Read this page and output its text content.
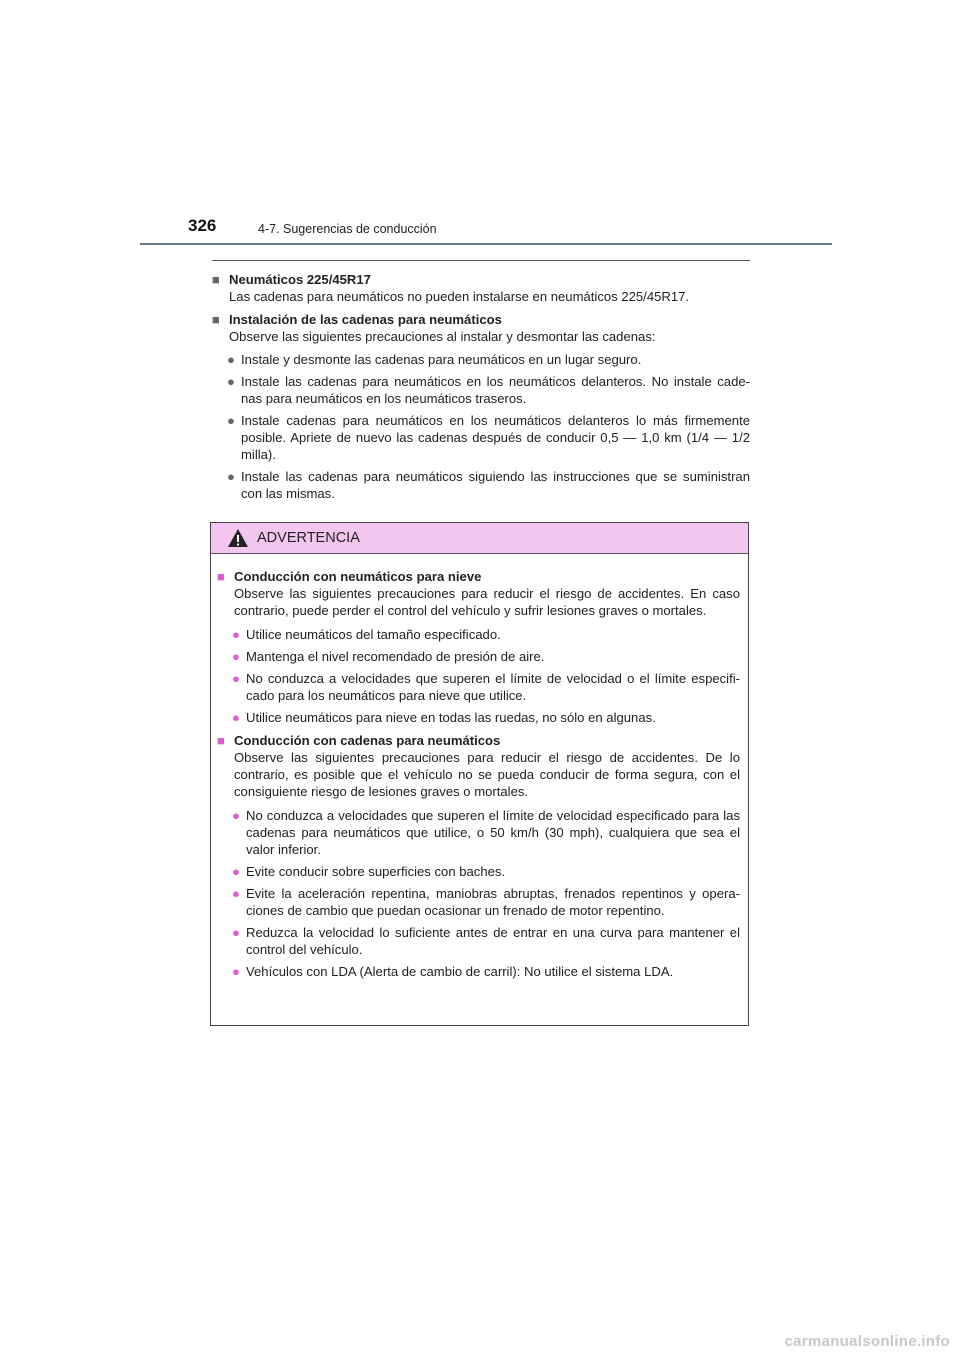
326	4-7. Sugerencias de conducción
■ Neumáticos 225/45R17
Las cadenas para neumáticos no pueden instalarse en neumáticos 225/45R17.
■ Instalación de las cadenas para neumáticos
Observe las siguientes precauciones al instalar y desmontar las cadenas:
● Instale y desmonte las cadenas para neumáticos en un lugar seguro.
● Instale las cadenas para neumáticos en los neumáticos delanteros. No instale cade-nas para neumáticos en los neumáticos traseros.
● Instale cadenas para neumáticos en los neumáticos delanteros lo más firmemente posible. Apriete de nuevo las cadenas después de conducir 0,5 — 1,0 km (1/4 — 1/2 milla).
● Instale las cadenas para neumáticos siguiendo las instrucciones que se suministran con las mismas.
ADVERTENCIA
■ Conducción con neumáticos para nieve
Observe las siguientes precauciones para reducir el riesgo de accidentes. En caso contrario, puede perder el control del vehículo y sufrir lesiones graves o mortales.
● Utilice neumáticos del tamaño especificado.
● Mantenga el nivel recomendado de presión de aire.
● No conduzca a velocidades que superen el límite de velocidad o el límite especifi-cado para los neumáticos para nieve que utilice.
● Utilice neumáticos para nieve en todas las ruedas, no sólo en algunas.
■ Conducción con cadenas para neumáticos
Observe las siguientes precauciones para reducir el riesgo de accidentes. De lo contrario, es posible que el vehículo no se pueda conducir de forma segura, con el consiguiente riesgo de lesiones graves o mortales.
● No conduzca a velocidades que superen el límite de velocidad especificado para las cadenas para neumáticos que utilice, o 50 km/h (30 mph), cualquiera que sea el valor inferior.
● Evite conducir sobre superficies con baches.
● Evite la aceleración repentina, maniobras abruptas, frenados repentinos y opera-ciones de cambio que puedan ocasionar un frenado de motor repentino.
● Reduzca la velocidad lo suficiente antes de entrar en una curva para mantener el control del vehículo.
● Vehículos con LDA (Alerta de cambio de carril): No utilice el sistema LDA.
carmanualsonline.info
